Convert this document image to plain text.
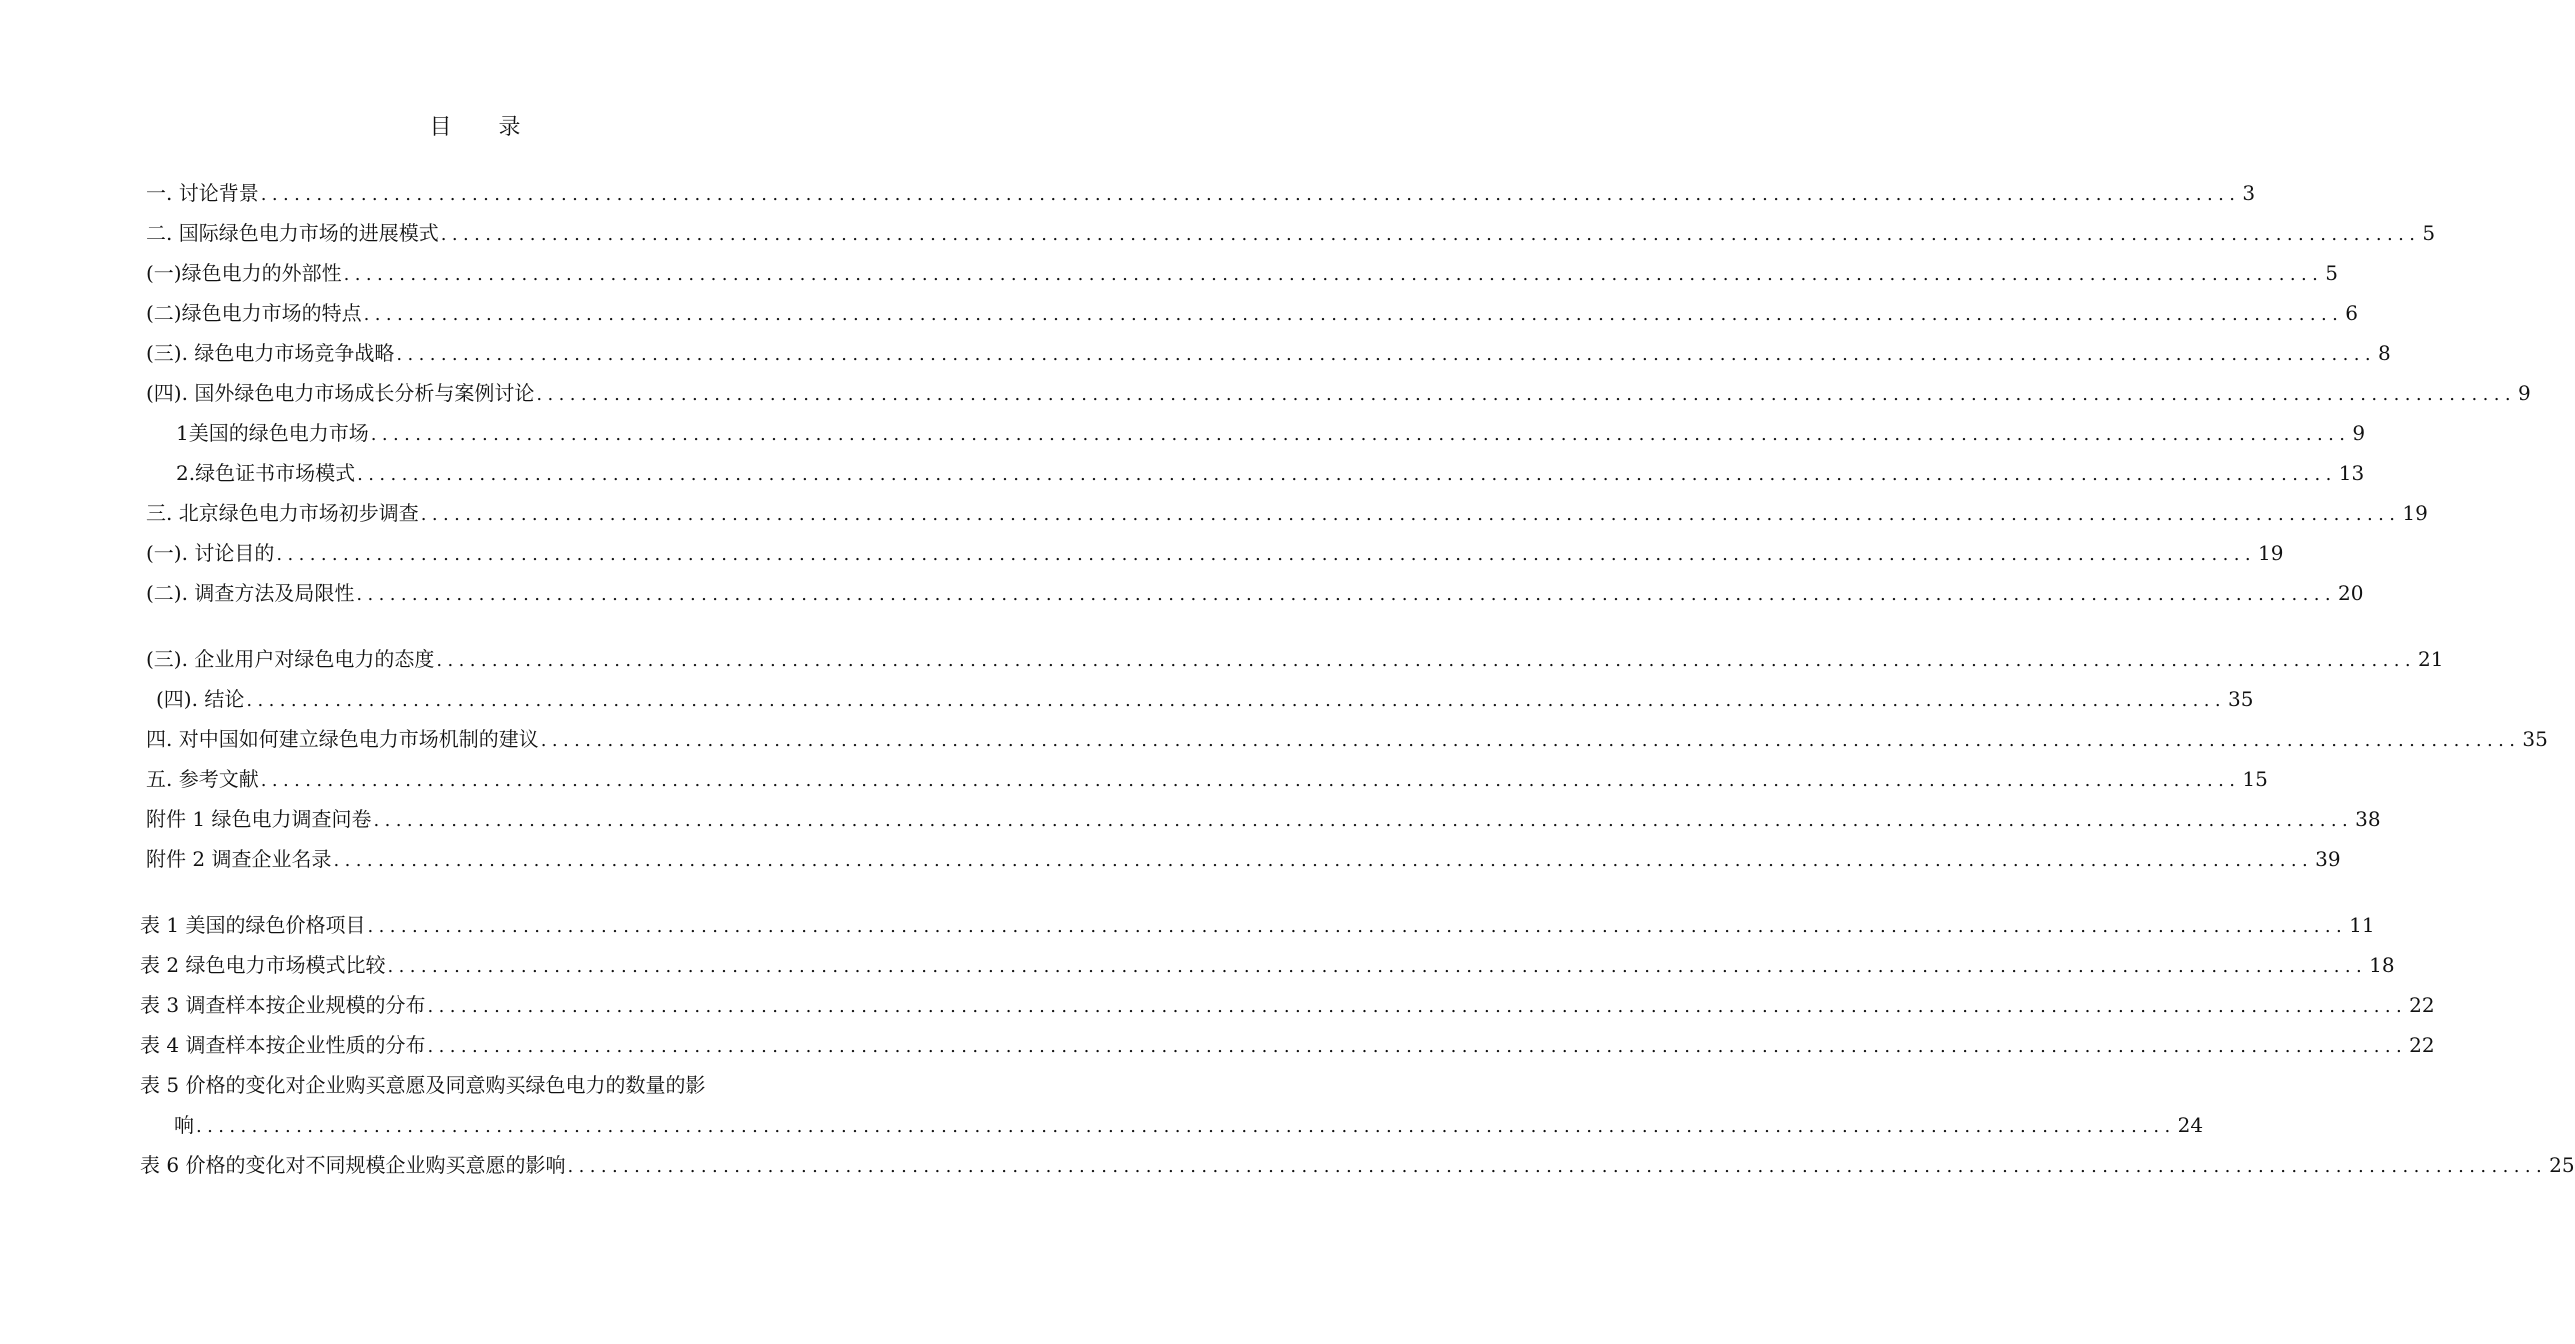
目 录
一. 讨论背景 .................................................................................................................................................................................. 3
二. 国际绿色电力市场的进展模式 .................................................................................................................................................................................. 5
(一)绿色电力的外部性 .................................................................................................................................................................................. 5
(二)绿色电力市场的特点 .................................................................................................................................................................................. 6
(三). 绿色电力市场竞争战略 .................................................................................................................................................................................. 8
(四). 国外绿色电力市场成长分析与案例讨论 .................................................................................................................................................................................. 9
1美国的绿色电力市场 .................................................................................................................................................................................. 9
2.绿色证书市场模式 .................................................................................................................................................................................. 13
三. 北京绿色电力市场初步调查 .................................................................................................................................................................................. 19
(一). 讨论目的 .................................................................................................................................................................................. 19
(二). 调查方法及局限性 .................................................................................................................................................................................. 20
(三). 企业用户对绿色电力的态度 .................................................................................................................................................................................. 21
(四). 结论 .................................................................................................................................................................................. 35
四. 对中国如何建立绿色电力市场机制的建议 .................................................................................................................................................................................. 35
五. 参考文献 .................................................................................................................................................................................. 15
附件 1 绿色电力调查问卷 .................................................................................................................................................................................. 38
附件 2 调查企业名录 .................................................................................................................................................................................. 39
表 1 美国的绿色价格项目 .................................................................................................................................................................................. 11
表 2 绿色电力市场模式比较 .................................................................................................................................................................................. 18
表 3 调查样本按企业规模的分布 .................................................................................................................................................................................. 22
表 4 调查样本按企业性质的分布 .................................................................................................................................................................................. 22
表 5 价格的变化对企业购买意愿及同意购买绿色电力的数量的影
响 .................................................................................................................................................................................. 24
表 6 价格的变化对不同规模企业购买意愿的影响 .................................................................................................................................................................................. 25
